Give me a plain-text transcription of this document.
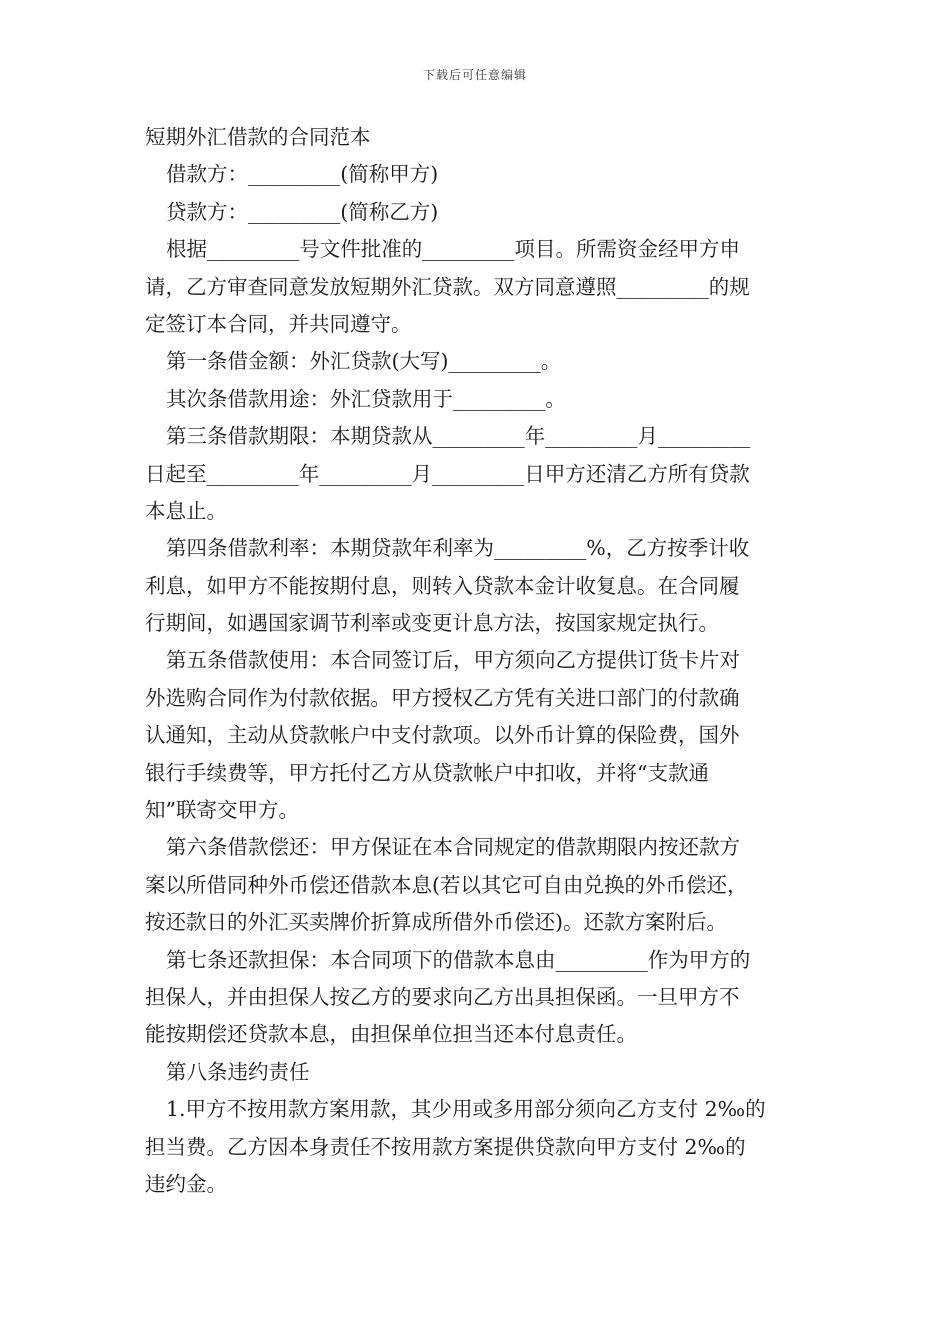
下载后可任意编辑
短期外汇借款的合同范本
借款方：_________(简称甲方)
贷款方：_________(简称乙方)
根据_________号文件批准的_________项目。所需资金经甲方申
请，乙方审查同意发放短期外汇贷款。双方同意遵照_________的规
定签订本合同，并共同遵守。
第一条借金额：外汇贷款(大写)_________。
其次条借款用途：外汇贷款用于_________。
第三条借款期限：本期贷款从_________年_________月_________
日起至_________年_________月_________日甲方还清乙方所有贷款
本息止。
第四条借款利率：本期贷款年利率为_________%，乙方按季计收
利息，如甲方不能按期付息，则转入贷款本金计收复息。在合同履
行期间，如遇国家调节利率或变更计息方法，按国家规定执行。
第五条借款使用：本合同签订后，甲方须向乙方提供订货卡片对
外选购合同作为付款依据。甲方授权乙方凭有关进口部门的付款确
认通知，主动从贷款帐户中支付款项。以外币计算的保险费，国外
银行手续费等，甲方托付乙方从贷款帐户中扣收，并将“支款通
知”联寄交甲方。
第六条借款偿还：甲方保证在本合同规定的借款期限内按还款方
案以所借同种外币偿还借款本息(若以其它可自由兑换的外币偿还，
按还款日的外汇买卖牌价折算成所借外币偿还)。还款方案附后。
第七条还款担保：本合同项下的借款本息由_________作为甲方的
担保人，并由担保人按乙方的要求向乙方出具担保函。一旦甲方不
能按期偿还贷款本息，由担保单位担当还本付息责任。
第八条违约责任
1.甲方不按用款方案用款，其少用或多用部分须向乙方支付 2‰的
担当费。乙方因本身责任不按用款方案提供贷款向甲方支付 2‰的
违约金。
